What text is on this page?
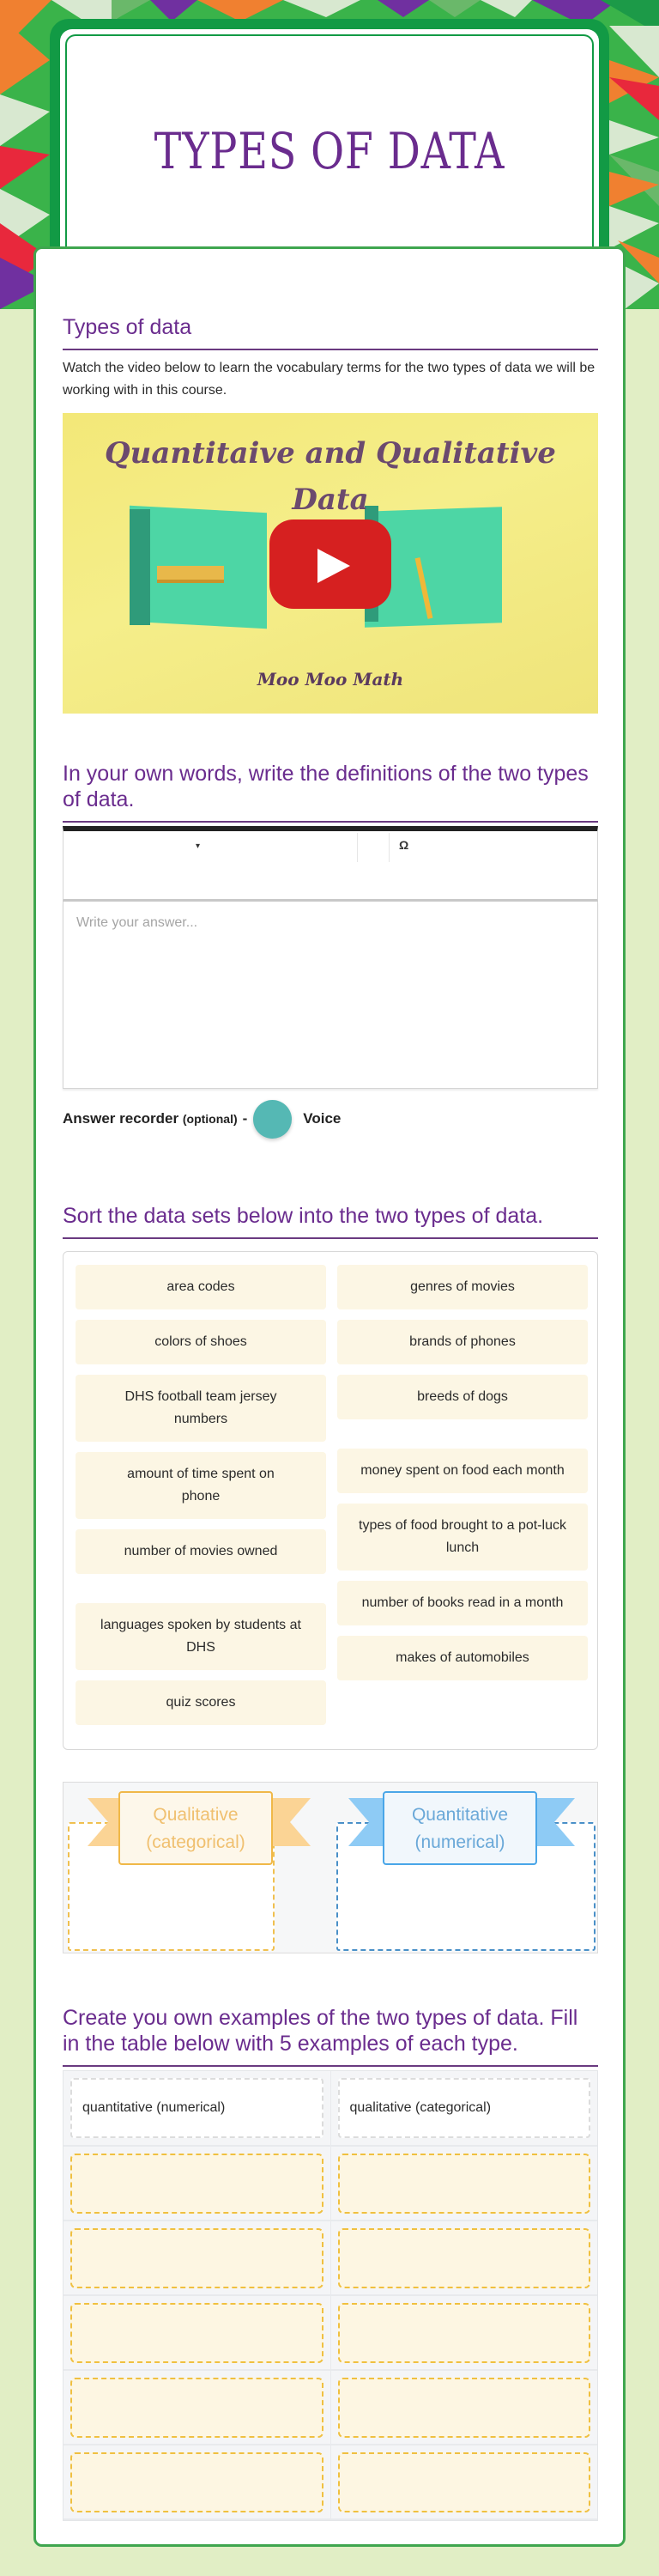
TYPES OF DATA
Types of data

Watch the video below to learn the vocabulary terms for the two types of data we will be working with in this course.

Quantitaive and Qualitative
Data
Moo Moo Math
In your own words, write the definitions of the two types of data.
▾	Ω
Write your answer...
Answer recorder (optional) -	Voice
Sort the data sets below into the two types of data.
area codes
colors of shoes
DHS football team jersey numbers
amount of time spent on phone
number of movies owned
languages spoken by students at DHS
quiz scores
genres of movies
brands of phones
breeds of dogs
money spent on food each month
types of food brought to a pot-luck lunch
number of books read in a month
makes of automobiles
Qualitative
(categorical)
Quantitative
(numerical)
Create you own examples of the two types of data. Fill in the table below with 5 examples of each type.
quantitative (numerical)	qualitative (categorical)
